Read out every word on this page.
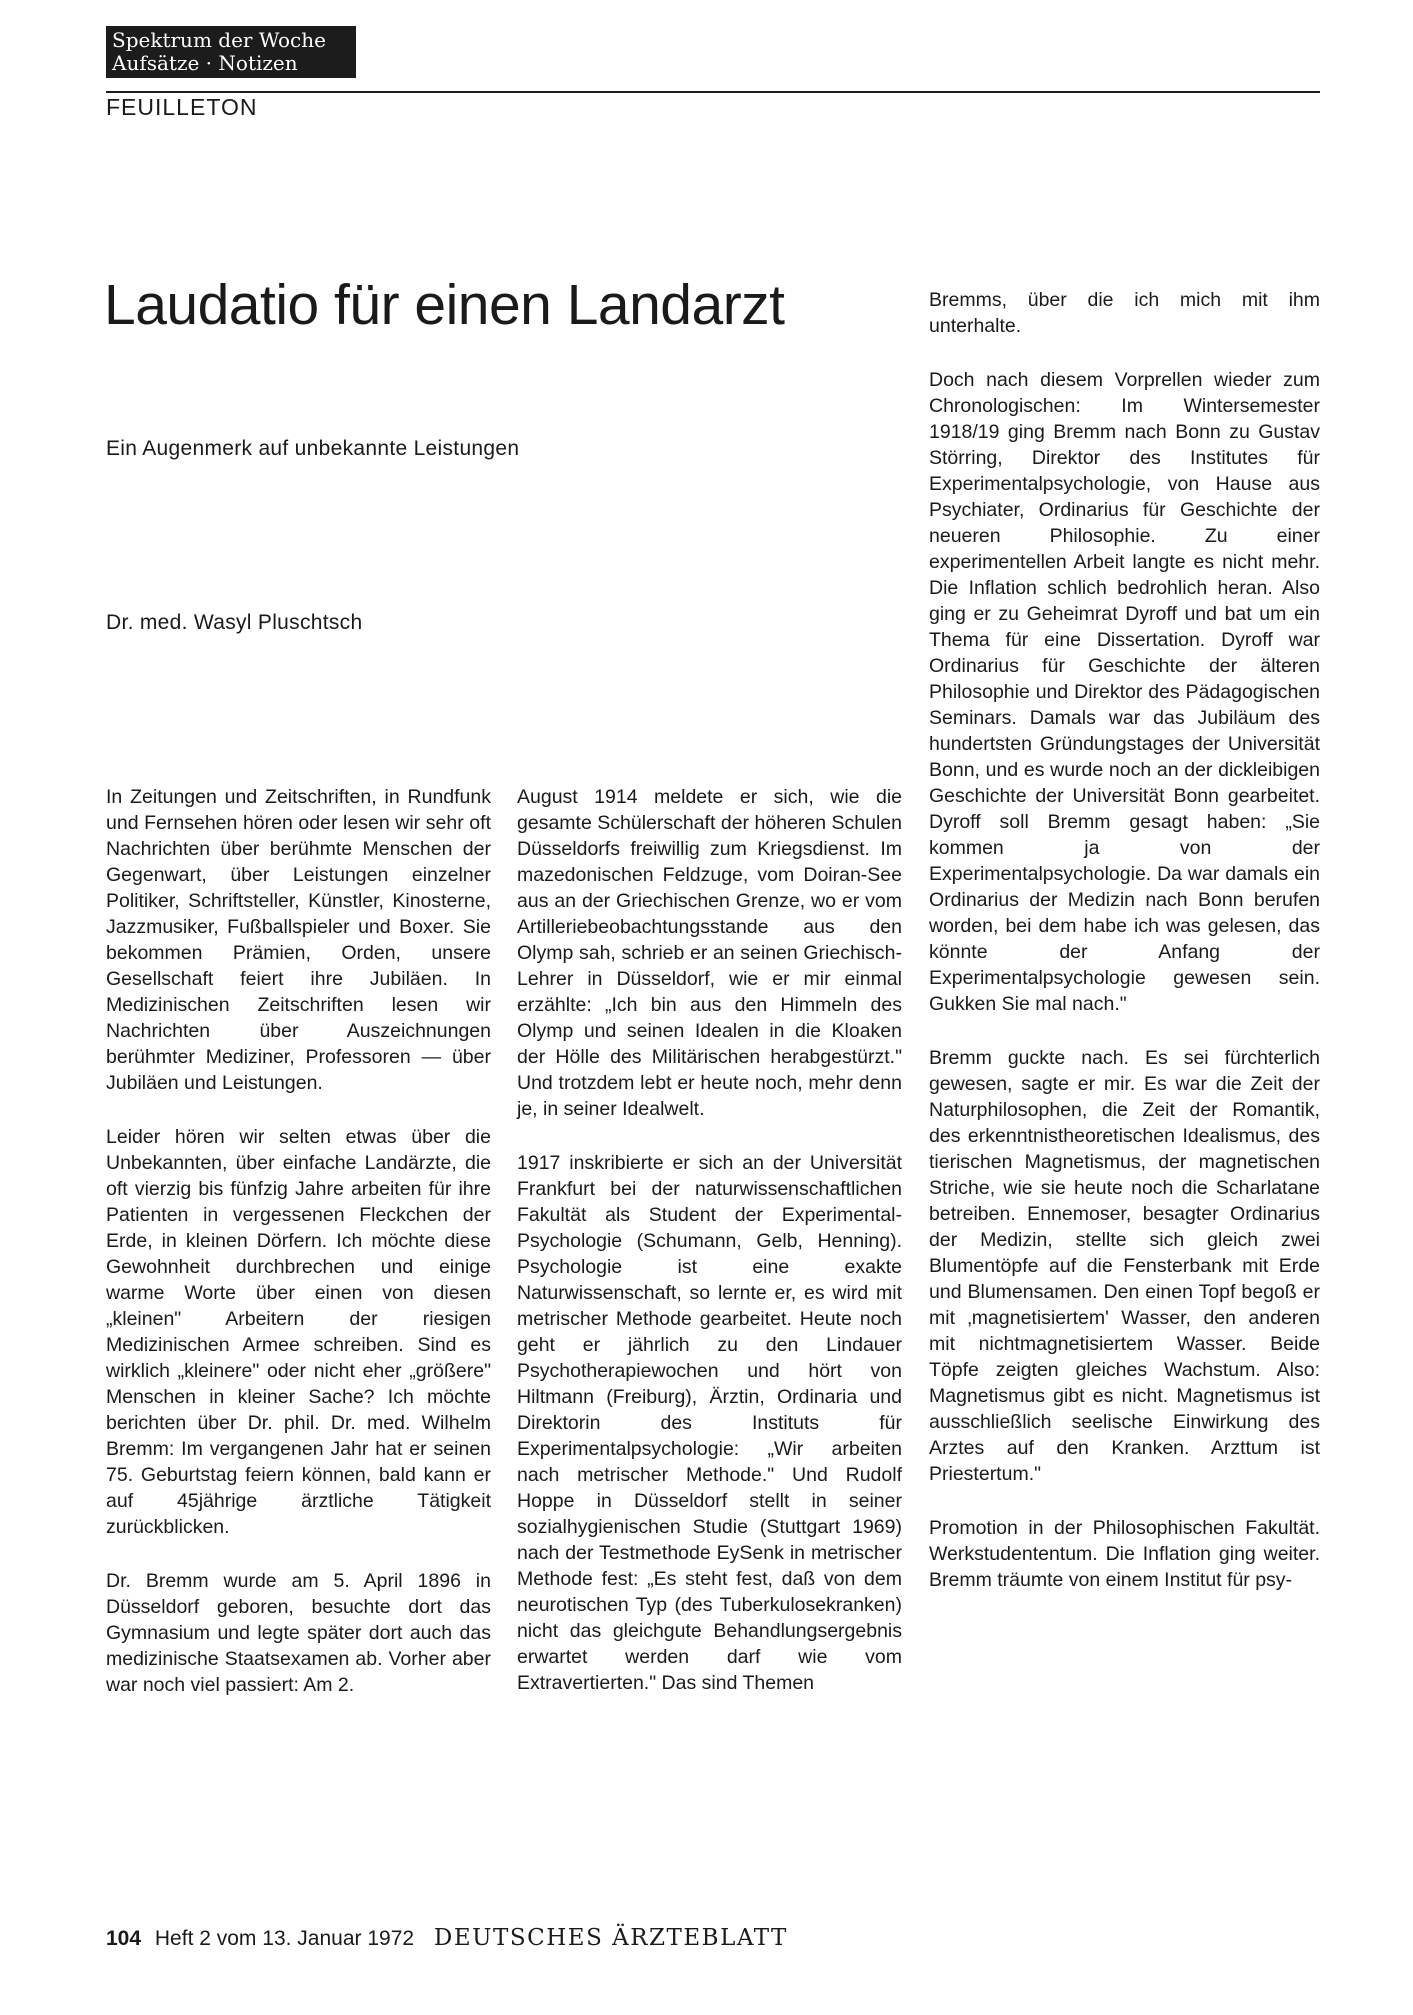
Spektrum der Woche
Aufsätze · Notizen
FEUILLETON
Laudatio für einen Landarzt
Ein Augenmerk auf unbekannte Leistungen
Dr. med. Wasyl Pluschtsch

In Zeitungen und Zeitschriften, in Rundfunk und Fernsehen hören oder lesen wir sehr oft Nachrichten über berühmte Menschen der Gegenwart, über Leistungen einzelner Politiker, Schriftsteller, Künstler, Kinosterne, Jazzmusiker, Fußballspieler und Boxer. Sie bekommen Prämien, Orden, unsere Gesellschaft feiert ihre Jubiläen. In Medizinischen Zeitschriften lesen wir Nachrichten über Auszeichnungen berühmter Mediziner, Professoren — über Jubiläen und Leistungen.

Leider hören wir selten etwas über die Unbekannten, über einfache Landärzte, die oft vierzig bis fünfzig Jahre arbeiten für ihre Patienten in vergessenen Fleckchen der Erde, in kleinen Dörfern. Ich möchte diese Gewohnheit durchbrechen und einige warme Worte über einen von diesen „kleinen" Arbeitern der riesigen Medizinischen Armee schreiben. Sind es wirklich „kleinere" oder nicht eher „größere" Menschen in kleiner Sache? Ich möchte berichten über Dr. phil. Dr. med. Wilhelm Bremm: Im vergangenen Jahr hat er seinen 75. Geburtstag feiern können, bald kann er auf 45jährige ärztliche Tätigkeit zurückblicken.

Dr. Bremm wurde am 5. April 1896 in Düsseldorf geboren, besuchte dort das Gymnasium und legte später dort auch das medizinische Staatsexamen ab. Vorher aber war noch viel passiert: Am 2.

August 1914 meldete er sich, wie die gesamte Schülerschaft der höheren Schulen Düsseldorfs freiwillig zum Kriegsdienst. Im mazedonischen Feldzuge, vom Doiran-See aus an der Griechischen Grenze, wo er vom Artilleriebeobachtungsstande aus den Olymp sah, schrieb er an seinen Griechisch-Lehrer in Düsseldorf, wie er mir einmal erzählte: „Ich bin aus den Himmeln des Olymp und seinen Idealen in die Kloaken der Hölle des Militärischen herabgestürzt." Und trotzdem lebt er heute noch, mehr denn je, in seiner Idealwelt.

1917 inskribierte er sich an der Universität Frankfurt bei der naturwissenschaftlichen Fakultät als Student der Experimental-Psychologie (Schumann, Gelb, Henning). Psychologie ist eine exakte Naturwissenschaft, so lernte er, es wird mit metrischer Methode gearbeitet. Heute noch geht er jährlich zu den Lindauer Psychotherapiewochen und hört von Hiltmann (Freiburg), Ärztin, Ordinaria und Direktorin des Instituts für Experimentalpsychologie: „Wir arbeiten nach metrischer Methode." Und Rudolf Hoppe in Düsseldorf stellt in seiner sozialhygienischen Studie (Stuttgart 1969) nach der Testmethode EySenk in metrischer Methode fest: „Es steht fest, daß von dem neurotischen Typ (des Tuberkulosekranken) nicht das gleichgute Behandlungsergebnis erwartet werden darf wie vom Extravertierten." Das sind Themen

Bremms, über die ich mich mit ihm unterhalte.

Doch nach diesem Vorprellen wieder zum Chronologischen: Im Wintersemester 1918/19 ging Bremm nach Bonn zu Gustav Störring, Direktor des Institutes für Experimentalpsychologie, von Hause aus Psychiater, Ordinarius für Geschichte der neueren Philosophie. Zu einer experimentellen Arbeit langte es nicht mehr. Die Inflation schlich bedrohlich heran. Also ging er zu Geheimrat Dyroff und bat um ein Thema für eine Dissertation. Dyroff war Ordinarius für Geschichte der älteren Philosophie und Direktor des Pädagogischen Seminars. Damals war das Jubiläum des hundertsten Gründungstages der Universität Bonn, und es wurde noch an der dickleibigen Geschichte der Universität Bonn gearbeitet. Dyroff soll Bremm gesagt haben: „Sie kommen ja von der Experimentalpsychologie. Da war damals ein Ordinarius der Medizin nach Bonn berufen worden, bei dem habe ich was gelesen, das könnte der Anfang der Experimentalpsychologie gewesen sein. Gukken Sie mal nach."

Bremm guckte nach. Es sei fürchterlich gewesen, sagte er mir. Es war die Zeit der Naturphilosophen, die Zeit der Romantik, des erkenntnistheoretischen Idealismus, des tierischen Magnetismus, der magnetischen Striche, wie sie heute noch die Scharlatane betreiben. Ennemoser, besagter Ordinarius der Medizin, stellte sich gleich zwei Blumentöpfe auf die Fensterbank mit Erde und Blumensamen. Den einen Topf begoß er mit ‚magnetisiertem' Wasser, den anderen mit nichtmagnetisiertem Wasser. Beide Töpfe zeigten gleiches Wachstum. Also: Magnetismus gibt es nicht. Magnetismus ist ausschließlich seelische Einwirkung des Arztes auf den Kranken. Arzttum ist Priestertum."

Promotion in der Philosophischen Fakultät. Werkstudententum. Die Inflation ging weiter. Bremm träumte von einem Institut für psy-

104 Heft 2 vom 13. Januar 1972 DEUTSCHES ÄRZTEBLATT
